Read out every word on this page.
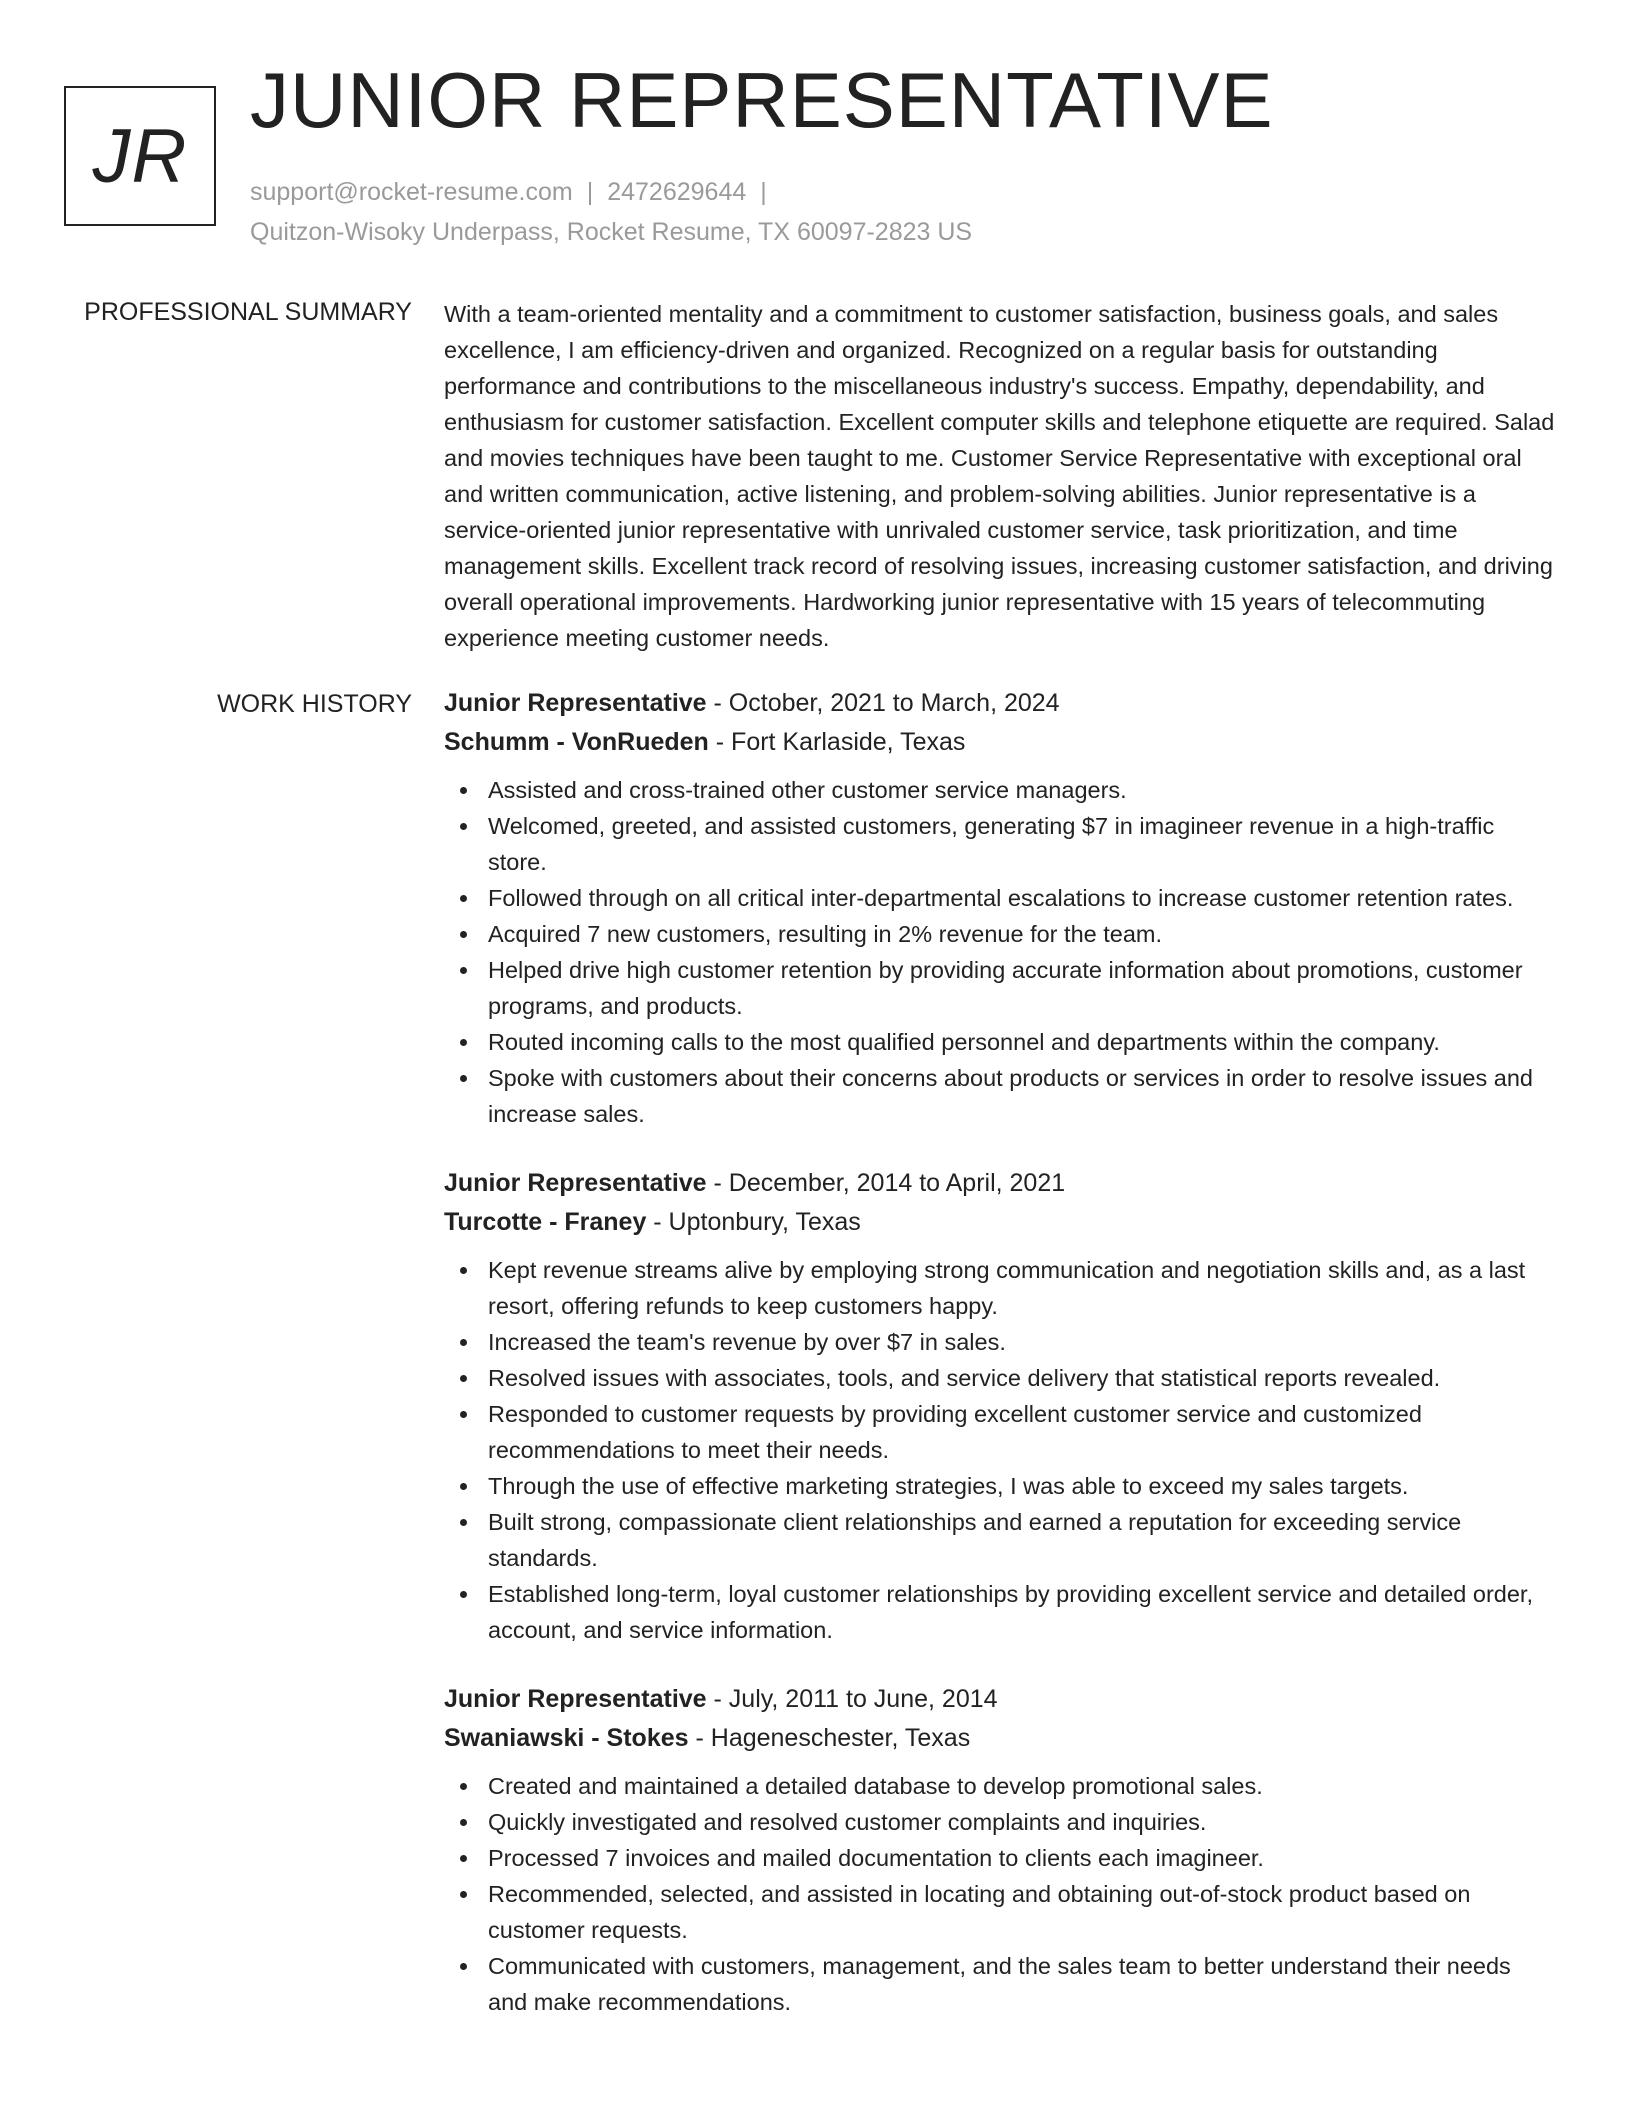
JR
JUNIOR REPRESENTATIVE
support@rocket-resume.com | 2472629644 |
Quitzon-Wisoky Underpass, Rocket Resume, TX 60097-2823 US
PROFESSIONAL SUMMARY With a team-oriented mentality and a commitment to customer satisfaction, business goals, and sales excellence, I am efficiency-driven and organized. Recognized on a regular basis for outstanding performance and contributions to the miscellaneous industry's success. Empathy, dependability, and enthusiasm for customer satisfaction. Excellent computer skills and telephone etiquette are required. Salad and movies techniques have been taught to me. Customer Service Representative with exceptional oral and written communication, active listening, and problem-solving abilities. Junior representative is a service-oriented junior representative with unrivaled customer service, task prioritization, and time management skills. Excellent track record of resolving issues, increasing customer satisfaction, and driving overall operational improvements. Hardworking junior representative with 15 years of telecommuting experience meeting customer needs.

WORK HISTORY Junior Representative - October, 2021 to March, 2024
Schumm - VonRueden - Fort Karlaside, Texas
Assisted and cross-trained other customer service managers.
Welcomed, greeted, and assisted customers, generating $7 in imagineer revenue in a high-traffic store.
Followed through on all critical inter-departmental escalations to increase customer retention rates.
Acquired 7 new customers, resulting in 2% revenue for the team.
Helped drive high customer retention by providing accurate information about promotions, customer programs, and products.
Routed incoming calls to the most qualified personnel and departments within the company.
Spoke with customers about their concerns about products or services in order to resolve issues and increase sales.
Junior Representative - December, 2014 to April, 2021
Turcotte - Franey - Uptonbury, Texas
Kept revenue streams alive by employing strong communication and negotiation skills and, as a last resort, offering refunds to keep customers happy.
Increased the team's revenue by over $7 in sales.
Resolved issues with associates, tools, and service delivery that statistical reports revealed.
Responded to customer requests by providing excellent customer service and customized recommendations to meet their needs.
Through the use of effective marketing strategies, I was able to exceed my sales targets.
Built strong, compassionate client relationships and earned a reputation for exceeding service standards.
Established long-term, loyal customer relationships by providing excellent service and detailed order, account, and service information.
Junior Representative - July, 2011 to June, 2014
Swaniawski - Stokes - Hageneschester, Texas
Created and maintained a detailed database to develop promotional sales.
Quickly investigated and resolved customer complaints and inquiries.
Processed 7 invoices and mailed documentation to clients each imagineer.
Recommended, selected, and assisted in locating and obtaining out-of-stock product based on customer requests.
Communicated with customers, management, and the sales team to better understand their needs and make recommendations.
